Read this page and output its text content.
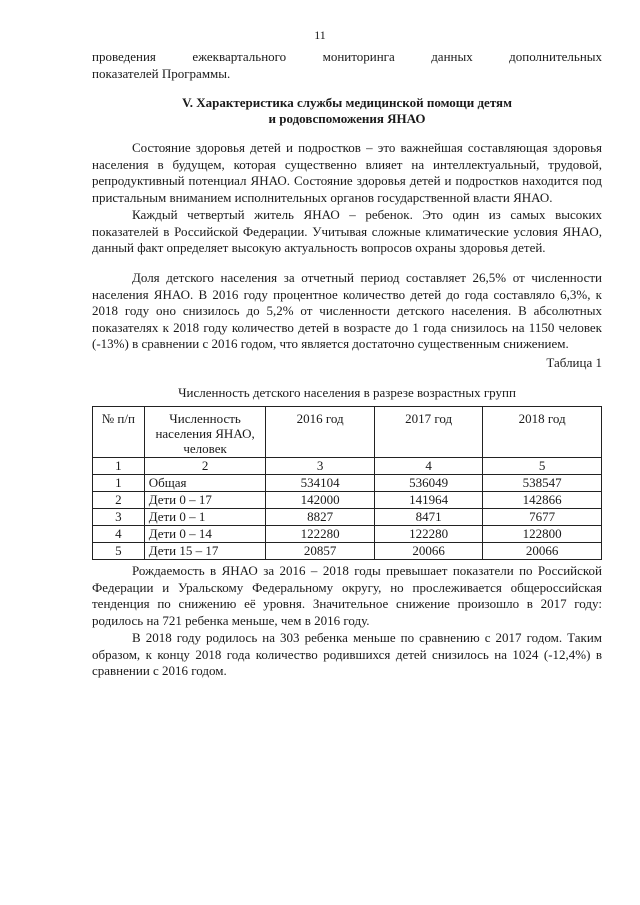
11
проведения	ежеквартального	мониторинга	данных	дополнительных
показателей Программы.
V. Характеристика службы медицинской помощи детям
и родовспоможения ЯНАО

Состояние здоровья детей и подростков – это важнейшая составляющая здоровья населения в будущем, которая существенно влияет на интеллектуальный, трудовой, репродуктивный потенциал ЯНАО. Состояние здоровья детей и подростков находится под пристальным вниманием исполнительных органов государственной власти ЯНАО.

Каждый четвертый житель ЯНАО – ребенок. Это один из самых высоких показателей в Российской Федерации. Учитывая сложные климатические условия ЯНАО, данный факт определяет высокую актуальность вопросов охраны здоровья детей.

Доля детского населения за отчетный период составляет 26,5% от численности населения ЯНАО. В 2016 году процентное количество детей до года составляло 6,3%, к 2018 году оно снизилось до 5,2% от численности детского населения. В абсолютных показателях к 2018 году количество детей в возрасте до 1 года снизилось на 1150 человек (-13%) в сравнении с 2016 годом, что является достаточно существенным снижением.

Таблица 1
Численность детского населения в разрезе возрастных групп
№ п/п	Численность населения ЯНАО, человек	2016 год	2017 год	2018 год
1	2	3	4	5
1	Общая	534104	536049	538547
2	Дети 0 – 17	142000	141964	142866
3	Дети 0 – 1	8827	8471	7677
4	Дети 0 – 14	122280	122280	122800
5	Дети 15 – 17	20857	20066	20066

Рождаемость в ЯНАО за 2016 – 2018 годы превышает показатели по Российской Федерации и Уральскому Федеральному округу, но прослеживается общероссийская тенденция по снижению её уровня. Значительное снижение произошло в 2017 году: родилось на 721 ребенка меньше, чем в 2016 году.

В 2018 году родилось на 303 ребенка меньше по сравнению с 2017 годом. Таким образом, к концу 2018 года количество родившихся детей снизилось на 1024 (-12,4%) в сравнении с 2016 годом.
